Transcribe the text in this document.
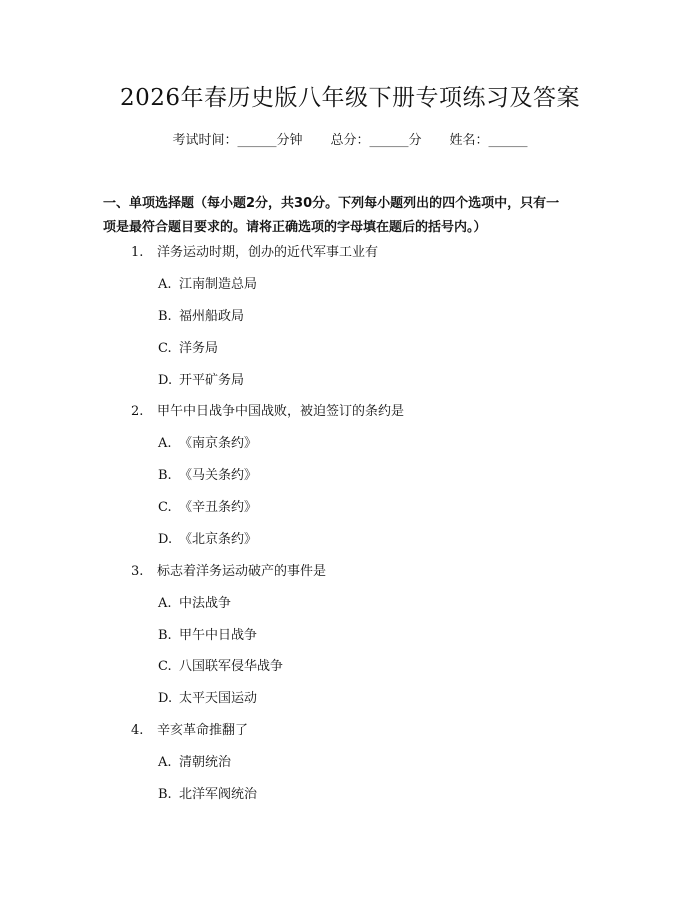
2026年春历史版八年级下册专项练习及答案
考试时间：______分钟 总分：______分 姓名：______
一、单项选择题（每小题2分，共30分。下列每小题列出的四个选项中，只有一
项是最符合题目要求的。请将正确选项的字母填在题后的括号内。）
1. 洋务运动时期，创办的近代军事工业有
A. 江南制造总局
B. 福州船政局
C. 洋务局
D. 开平矿务局
2. 甲午中日战争中国战败，被迫签订的条约是
A. 《南京条约》
B. 《马关条约》
C. 《辛丑条约》
D. 《北京条约》
3. 标志着洋务运动破产的事件是
A. 中法战争
B. 甲午中日战争
C. 八国联军侵华战争
D. 太平天国运动
4. 辛亥革命推翻了
A. 清朝统治
B. 北洋军阀统治
